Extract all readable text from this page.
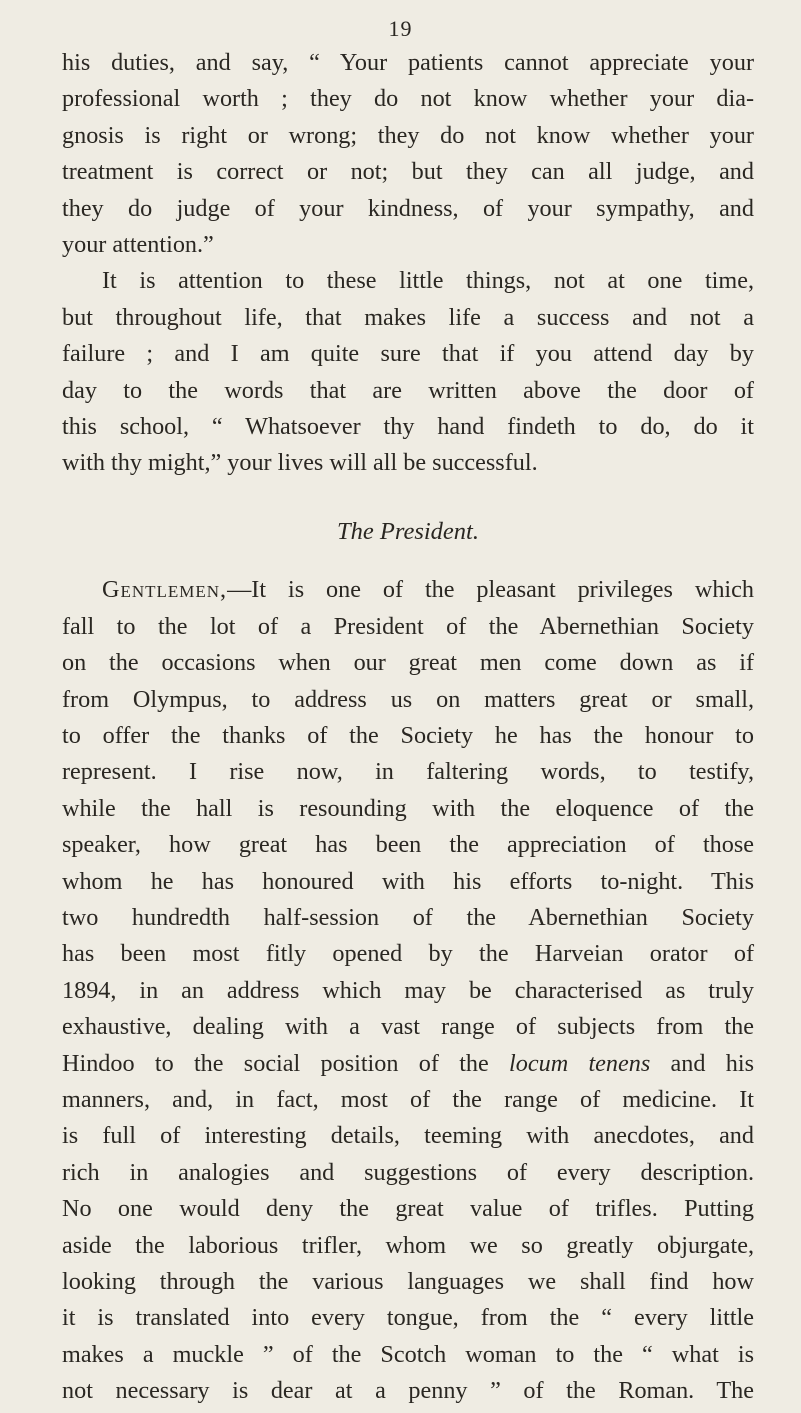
19
his duties, and say, “ Your patients cannot appreciate your
professional worth ; they do not know whether your dia-
gnosis is right or wrong; they do not know whether your
treatment is correct or not; but they can all judge, and
they do judge of your kindness, of your sympathy, and
your attention.”
It is attention to these little things, not at one time,
but throughout life, that makes life a success and not a
failure ; and I am quite sure that if you attend day by
day to the words that are written above the door of
this school, “ Whatsoever thy hand findeth to do, do it
with thy might,” your lives will all be successful.
The President.
Gentlemen,—It is one of the pleasant privileges which
fall to the lot of a President of the Abernethian Society
on the occasions when our great men come down as if
from Olympus, to address us on matters great or small,
to offer the thanks of the Society he has the honour to
represent. I rise now, in faltering words, to testify,
while the hall is resounding with the eloquence of the
speaker, how great has been the appreciation of those
whom he has honoured with his efforts to-night. This
two hundredth half-session of the Abernethian Society
has been most fitly opened by the Harveian orator of
1894, in an address which may be characterised as truly
exhaustive, dealing with a vast range of subjects from the
Hindoo to the social position of the locum tenens and his
manners, and, in fact, most of the range of medicine. It
is full of interesting details, teeming with anecdotes, and
rich in analogies and suggestions of every description.
No one would deny the great value of trifles. Putting
aside the laborious trifler, whom we so greatly objurgate,
looking through the various languages we shall find how
it is translated into every tongue, from the “ every little
makes a muckle ” of the Scotch woman to the “ what is
not necessary is dear at a penny ” of the Roman. The
